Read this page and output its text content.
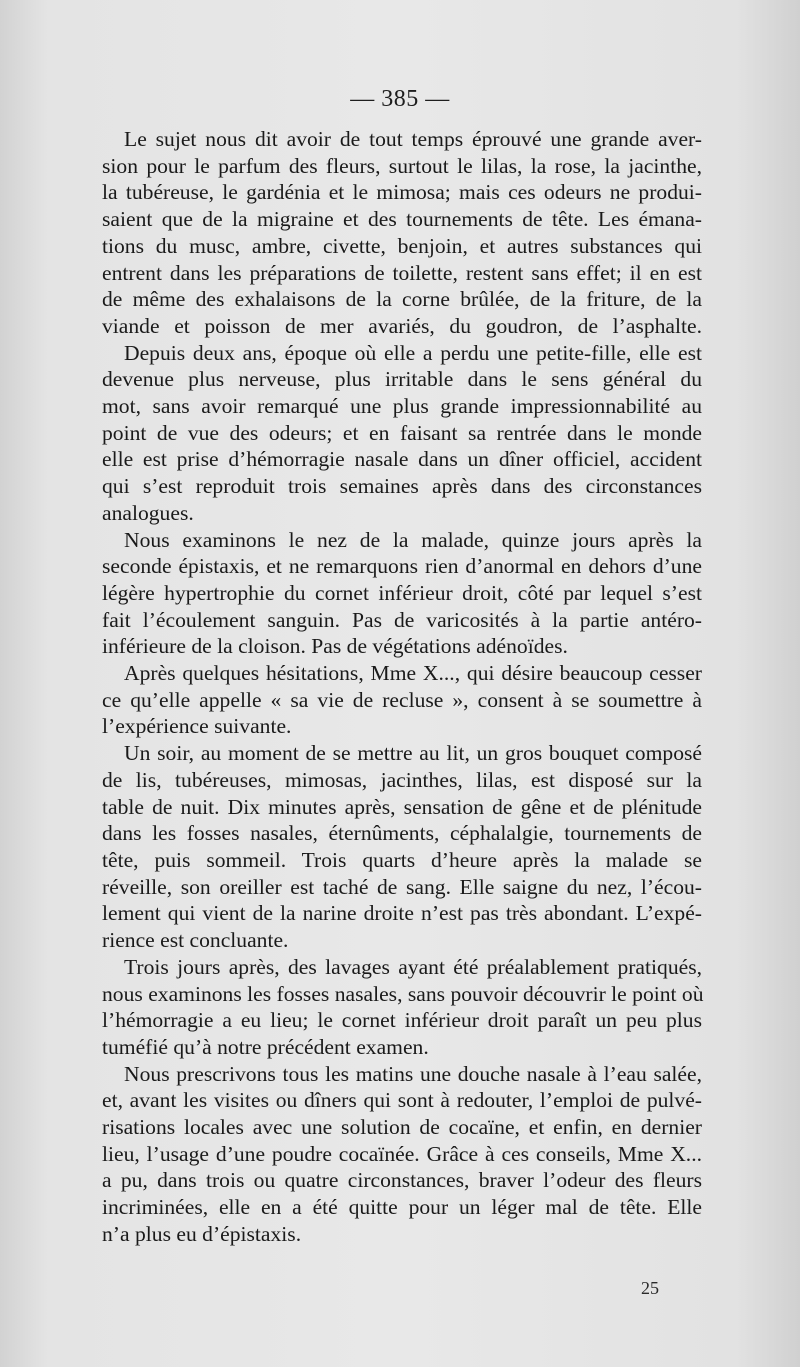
— 385 —
Le sujet nous dit avoir de tout temps éprouvé une grande aver-
sion pour le parfum des fleurs, surtout le lilas, la rose, la jacinthe,
la tubéreuse, le gardénia et le mimosa; mais ces odeurs ne produi-
saient que de la migraine et des tournements de tête. Les émana-
tions du musc, ambre, civette, benjoin, et autres substances qui
entrent dans les préparations de toilette, restent sans effet; il en est
de même des exhalaisons de la corne brûlée, de la friture, de la
viande et poisson de mer avariés, du goudron, de l’asphalte.
Depuis deux ans, époque où elle a perdu une petite-fille, elle est
devenue plus nerveuse, plus irritable dans le sens général du
mot, sans avoir remarqué une plus grande impressionnabilité au
point de vue des odeurs; et en faisant sa rentrée dans le monde
elle est prise d’hémorragie nasale dans un dîner officiel, accident
qui s’est reproduit trois semaines après dans des circonstances
analogues.
Nous examinons le nez de la malade, quinze jours après la
seconde épistaxis, et ne remarquons rien d’anormal en dehors d’une
légère hypertrophie du cornet inférieur droit, côté par lequel s’est
fait l’écoulement sanguin. Pas de varicosités à la partie antéro-
inférieure de la cloison. Pas de végétations adénoïdes.
Après quelques hésitations, Mme X..., qui désire beaucoup cesser
ce qu’elle appelle « sa vie de recluse », consent à se soumettre à
l’expérience suivante.
Un soir, au moment de se mettre au lit, un gros bouquet composé
de lis, tubéreuses, mimosas, jacinthes, lilas, est disposé sur la
table de nuit. Dix minutes après, sensation de gêne et de plénitude
dans les fosses nasales, éternûments, céphalalgie, tournements de
tête, puis sommeil. Trois quarts d’heure après la malade se
réveille, son oreiller est taché de sang. Elle saigne du nez, l’écou-
lement qui vient de la narine droite n’est pas très abondant. L’expé-
rience est concluante.
Trois jours après, des lavages ayant été préalablement pratiqués,
nous examinons les fosses nasales, sans pouvoir découvrir le point où
l’hémorragie a eu lieu; le cornet inférieur droit paraît un peu plus
tuméfié qu’à notre précédent examen.
Nous prescrivons tous les matins une douche nasale à l’eau salée,
et, avant les visites ou dîners qui sont à redouter, l’emploi de pulvé-
risations locales avec une solution de cocaïne, et enfin, en dernier
lieu, l’usage d’une poudre cocaïnée. Grâce à ces conseils, Mme X...
a pu, dans trois ou quatre circonstances, braver l’odeur des fleurs
incriminées, elle en a été quitte pour un léger mal de tête. Elle
n’a plus eu d’épistaxis.
25
